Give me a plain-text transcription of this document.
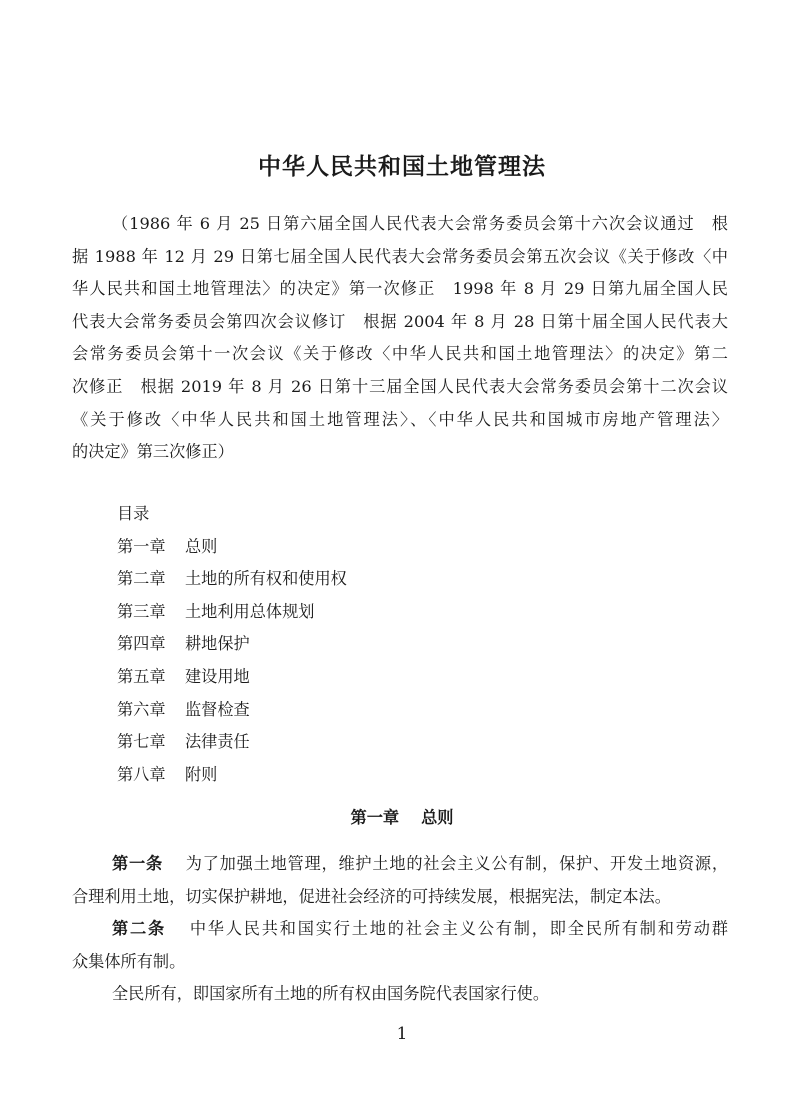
中华人民共和国土地管理法
（1986 年 6 月 25 日第六届全国人民代表大会常务委员会第十六次会议通过　根
据 1988 年 12 月 29 日第七届全国人民代表大会常务委员会第五次会议《关于修改〈中
华人民共和国土地管理法〉的决定》第一次修正　1998 年 8 月 29 日第九届全国人民
代表大会常务委员会第四次会议修订　根据 2004 年 8 月 28 日第十届全国人民代表大
会常务委员会第十一次会议《关于修改〈中华人民共和国土地管理法〉的决定》第二
次修正　根据 2019 年 8 月 26 日第十三届全国人民代表大会常务委员会第十二次会议
《关于修改〈中华人民共和国土地管理法〉、〈中华人民共和国城市房地产管理法〉
的决定》第三次修正）
目录
第一章 总则
第二章 土地的所有权和使用权
第三章 土地利用总体规划
第四章 耕地保护
第五章 建设用地
第六章 监督检查
第七章 法律责任
第八章 附则
第一章 总则
第一条 为了加强土地管理，维护土地的社会主义公有制，保护、开发土地资源，
合理利用土地，切实保护耕地，促进社会经济的可持续发展，根据宪法，制定本法。
第二条 中华人民共和国实行土地的社会主义公有制，即全民所有制和劳动群
众集体所有制。
全民所有，即国家所有土地的所有权由国务院代表国家行使。
1
